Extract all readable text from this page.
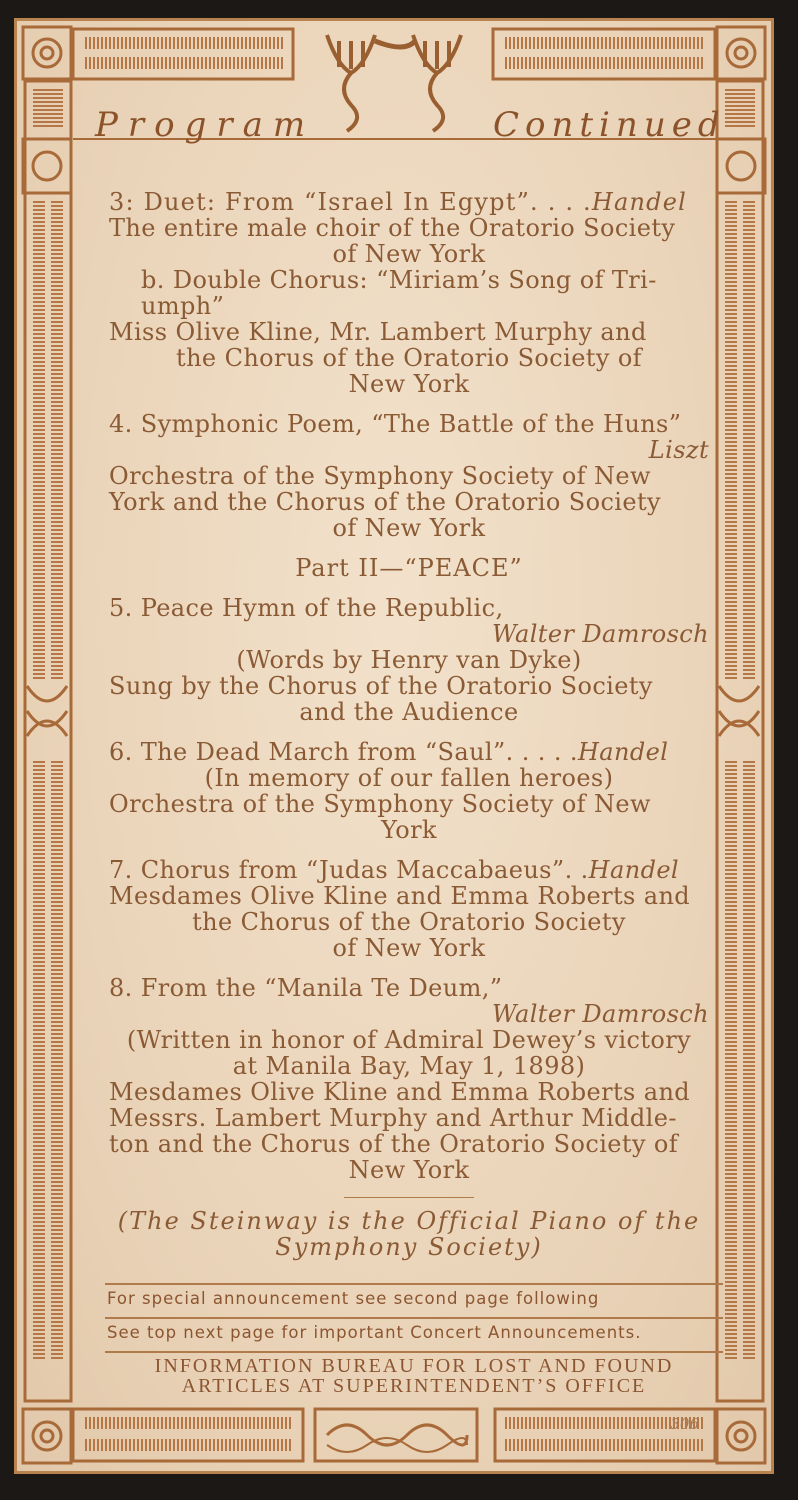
Program	Continued

3: Duet: From “Israel In Egypt”. . . .Handel

The entire male choir of the Oratorio Society

of New York

b. Double Chorus: “Miriam’s Song of Tri-

umph”

Miss Olive Kline, Mr. Lambert Murphy and

the Chorus of the Oratorio Society of

New York

4. Symphonic Poem, “The Battle of the Huns”

Liszt

Orchestra of the Symphony Society of New

York and the Chorus of the Oratorio Society

of New York

Part II—“PEACE”

5. Peace Hymn of the Republic,

Walter Damrosch

(Words by Henry van Dyke)

Sung by the Chorus of the Oratorio Society

and the Audience

6. The Dead March from “Saul”. . . . .Handel

(In memory of our fallen heroes)

Orchestra of the Symphony Society of New

York

7. Chorus from “Judas Maccabaeus”. .Handel

Mesdames Olive Kline and Emma Roberts and

the Chorus of the Oratorio Society

of New York

8. From the “Manila Te Deum,”

Walter Damrosch

(Written in honor of Admiral Dewey’s victory

at Manila Bay, May 1, 1898)

Mesdames Olive Kline and Emma Roberts and

Messrs. Lambert Murphy and Arthur Middle-

ton and the Chorus of the Oratorio Society of

New York

(The Steinway is the Official Piano of the

Symphony Society)

For special announcement see second page following
See top next page for important Concert Announcements.
INFORMATION BUREAU FOR LOST AND FOUND
ARTICLES AT SUPERINTENDENT’S OFFICE
306
